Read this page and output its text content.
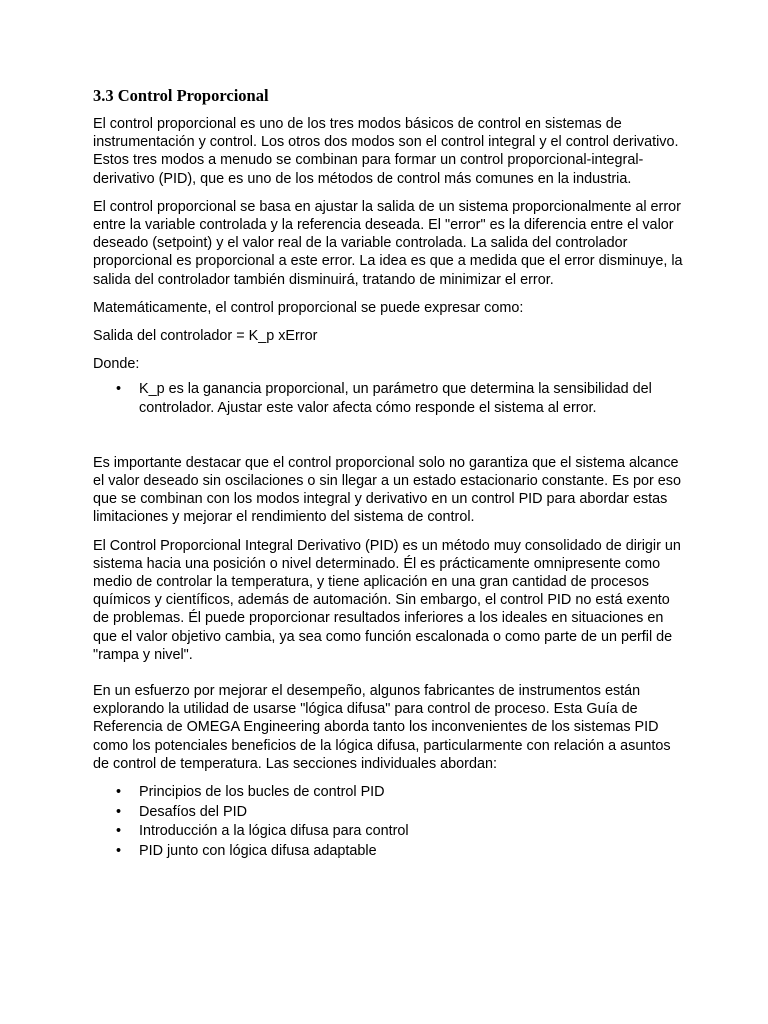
3.3 Control Proporcional

El control proporcional es uno de los tres modos básicos de control en sistemas de instrumentación y control. Los otros dos modos son el control integral y el control derivativo. Estos tres modos a menudo se combinan para formar un control proporcional-integral-derivativo (PID), que es uno de los métodos de control más comunes en la industria.

El control proporcional se basa en ajustar la salida de un sistema proporcionalmente al error entre la variable controlada y la referencia deseada. El "error" es la diferencia entre el valor deseado (setpoint) y el valor real de la variable controlada. La salida del controlador proporcional es proporcional a este error. La idea es que a medida que el error disminuye, la salida del controlador también disminuirá, tratando de minimizar el error.

Matemáticamente, el control proporcional se puede expresar como:

Salida del controlador = K_p xError

Donde:

• K_p es la ganancia proporcional, un parámetro que determina la sensibilidad del controlador. Ajustar este valor afecta cómo responde el sistema al error.

Es importante destacar que el control proporcional solo no garantiza que el sistema alcance el valor deseado sin oscilaciones o sin llegar a un estado estacionario constante. Es por eso que se combinan con los modos integral y derivativo en un control PID para abordar estas limitaciones y mejorar el rendimiento del sistema de control.

El Control Proporcional Integral Derivativo (PID) es un método muy consolidado de dirigir un sistema hacia una posición o nivel determinado. Él es prácticamente omnipresente como medio de controlar la temperatura, y tiene aplicación en una gran cantidad de procesos químicos y científicos, además de automación. Sin embargo, el control PID no está exento de problemas. Él puede proporcionar resultados inferiores a los ideales en situaciones en que el valor objetivo cambia, ya sea como función escalonada o como parte de un perfil de "rampa y nivel".

En un esfuerzo por mejorar el desempeño, algunos fabricantes de instrumentos están explorando la utilidad de usarse "lógica difusa" para control de proceso. Esta Guía de Referencia de OMEGA Engineering aborda tanto los inconvenientes de los sistemas PID como los potenciales beneficios de la lógica difusa, particularmente con relación a asuntos de control de temperatura. Las secciones individuales abordan:

• Principios de los bucles de control PID
• Desafíos del PID
• Introducción a la lógica difusa para control
• PID junto con lógica difusa adaptable
